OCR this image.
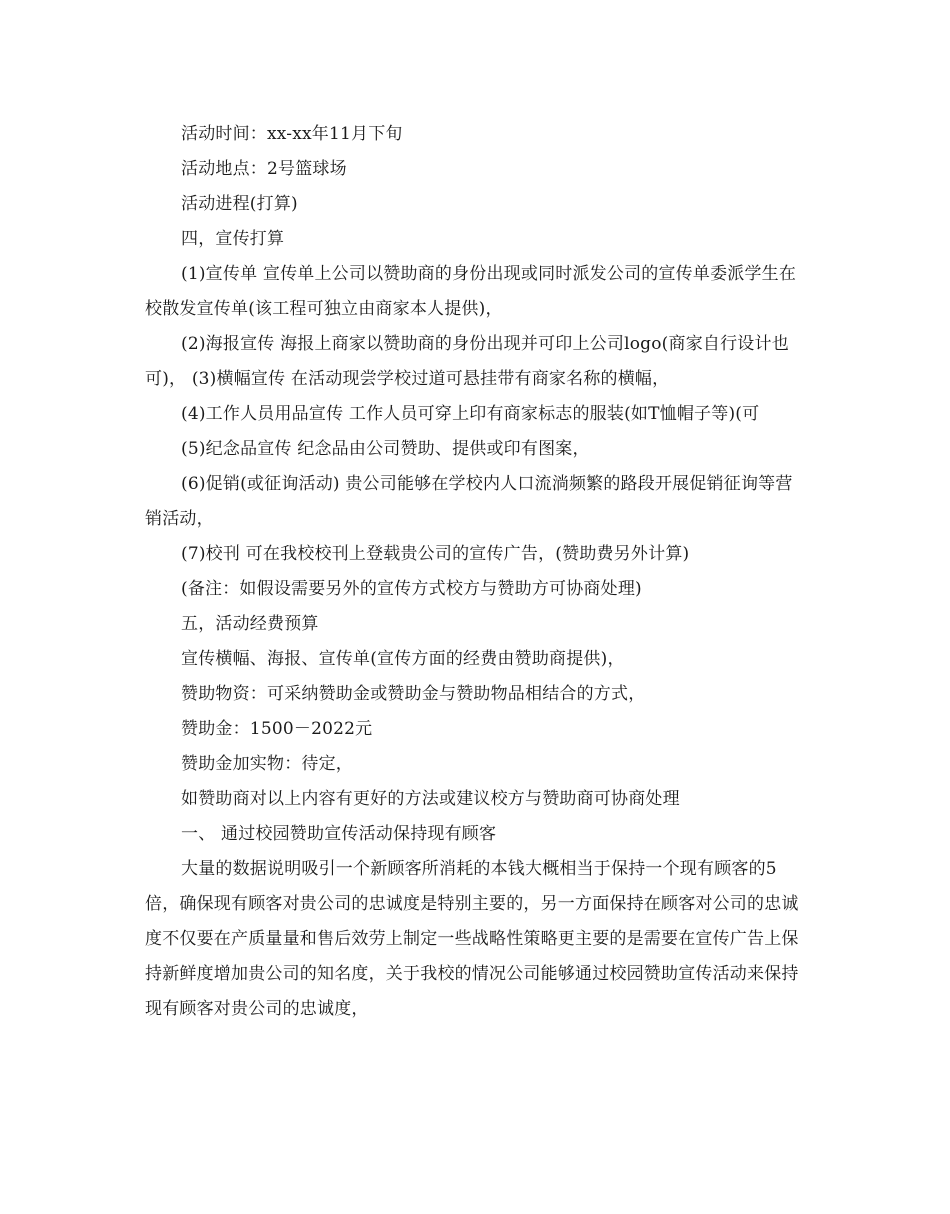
活动时间：xx-xx年11月下旬

活动地点：2号篮球场

活动进程(打算)

四，宣传打算

(1)宣传单 宣传单上公司以赞助商的身份出现或同时派发公司的宣传单委派学生在校散发宣传单(该工程可独立由商家本人提供)，

(2)海报宣传 海报上商家以赞助商的身份出现并可印上公司logo(商家自行设计也可)， (3)横幅宣传 在活动现尝学校过道可悬挂带有商家名称的横幅，

(4)工作人员用品宣传 工作人员可穿上印有商家标志的服装(如T恤帽子等)(可

(5)纪念品宣传 纪念品由公司赞助、提供或印有图案，

(6)促销(或征询活动) 贵公司能够在学校内人口流淌频繁的路段开展促销征询等营销活动，

(7)校刊 可在我校校刊上登载贵公司的宣传广告，(赞助费另外计算)

(备注：如假设需要另外的宣传方式校方与赞助方可协商处理)

五，活动经费预算

宣传横幅、海报、宣传单(宣传方面的经费由赞助商提供)，

赞助物资：可采纳赞助金或赞助金与赞助物品相结合的方式，

赞助金：1500－2022元

赞助金加实物：待定，

如赞助商对以上内容有更好的方法或建议校方与赞助商可协商处理

一、 通过校园赞助宣传活动保持现有顾客

大量的数据说明吸引一个新顾客所消耗的本钱大概相当于保持一个现有顾客的5倍，确保现有顾客对贵公司的忠诚度是特别主要的，另一方面保持在顾客对公司的忠诚度不仅要在产质量量和售后效劳上制定一些战略性策略更主要的是需要在宣传广告上保持新鲜度增加贵公司的知名度，关于我校的情况公司能够通过校园赞助宣传活动来保持现有顾客对贵公司的忠诚度，
